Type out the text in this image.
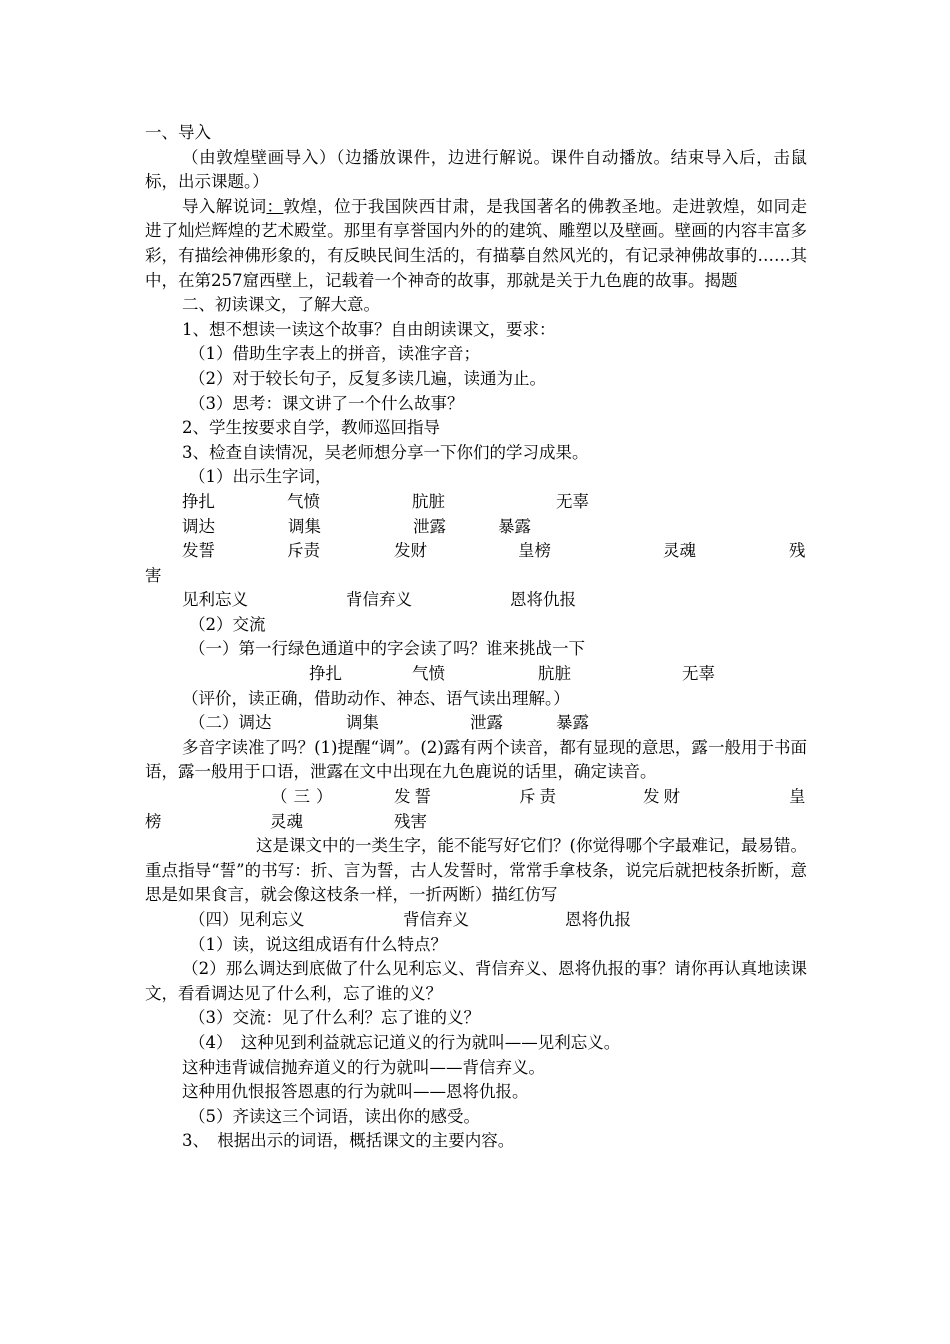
一、导入

（由敦煌壁画导入）（边播放课件，边进行解说。课件自动播放。结束导入后，击鼠标，出示课题。）

导入解说词：敦煌，位于我国陕西甘肃，是我国著名的佛教圣地。走进敦煌，如同走进了灿烂辉煌的艺术殿堂。那里有享誉国内外的的建筑、雕塑以及壁画。壁画的内容丰富多彩，有描绘神佛形象的，有反映民间生活的，有描摹自然风光的，有记录神佛故事的……其中，在第257窟西壁上，记载着一个神奇的故事，那就是关于九色鹿的故事。揭题

二、初读课文，了解大意。

1、想不想读一读这个故事？自由朗读课文，要求：

（1）借助生字表上的拼音，读准字音；

（2）对于较长句子，反复多读几遍，读通为止。

（3）思考：课文讲了一个什么故事？

2、学生按要求自学，教师巡回指导

3、检查自读情况，吴老师想分享一下你们的学习成果。

（1）出示生字词，

挣扎	气愤	肮脏	无辜
调达	调集	泄露	暴露
发誓	斥责	发财	皇榜	灵魂	残
害
见利忘义	背信弃义	恩将仇报

（2）交流

（一）第一行绿色通道中的字会读了吗？谁来挑战一下

挣扎	气愤	肮脏	无辜

（评价，读正确，借助动作、神态、语气读出理解。）

（二）调达	调集	泄露	暴露

多音字读准了吗？(1)提醒“调”。(2)露有两个读音，都有显现的意思，露一般用于书面语，露一般用于口语，泄露在文中出现在九色鹿说的话里，确定读音。

（三）	发誓	斥责	发财	皇
榜	灵魂	残害

这是课文中的一类生字，能不能写好它们？(你觉得哪个字最难记，最易错。重点指导“誓”的书写：折、言为誓，古人发誓时，常常手拿枝条，说完后就把枝条折断，意思是如果食言，就会像这枝条一样，一折两断）描红仿写

（四）见利忘义	背信弃义	恩将仇报

（1）读，说这组成语有什么特点？

（2）那么调达到底做了什么见利忘义、背信弃义、恩将仇报的事？请你再认真地读课文，看看调达见了什么利，忘了谁的义？

（3）交流：见了什么利？忘了谁的义？

（4）　这种见到利益就忘记道义的行为就叫——见利忘义。

这种违背诚信抛弃道义的行为就叫——背信弃义。

这种用仇恨报答恩惠的行为就叫——恩将仇报。

（5）齐读这三个词语，读出你的感受。

3、　根据出示的词语，概括课文的主要内容。
